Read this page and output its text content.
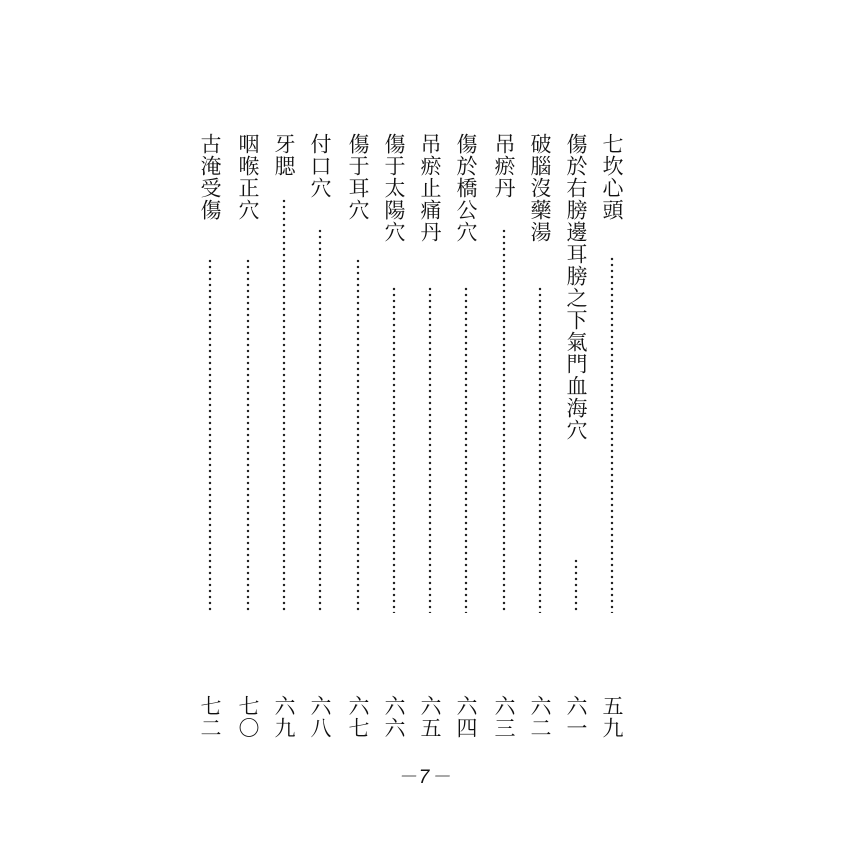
七坎心頭
五九
傷於右膀邊耳膀之下氣門血海穴
六一
破腦沒藥湯
六二
吊瘀丹
六三
傷於橋公穴
六四
吊瘀止痛丹
六五
傷于太陽穴
六六
傷于耳穴
六七
付口穴
六八
牙腮
六九
咽喉正穴
七〇
古淹受傷
七二
－7－
